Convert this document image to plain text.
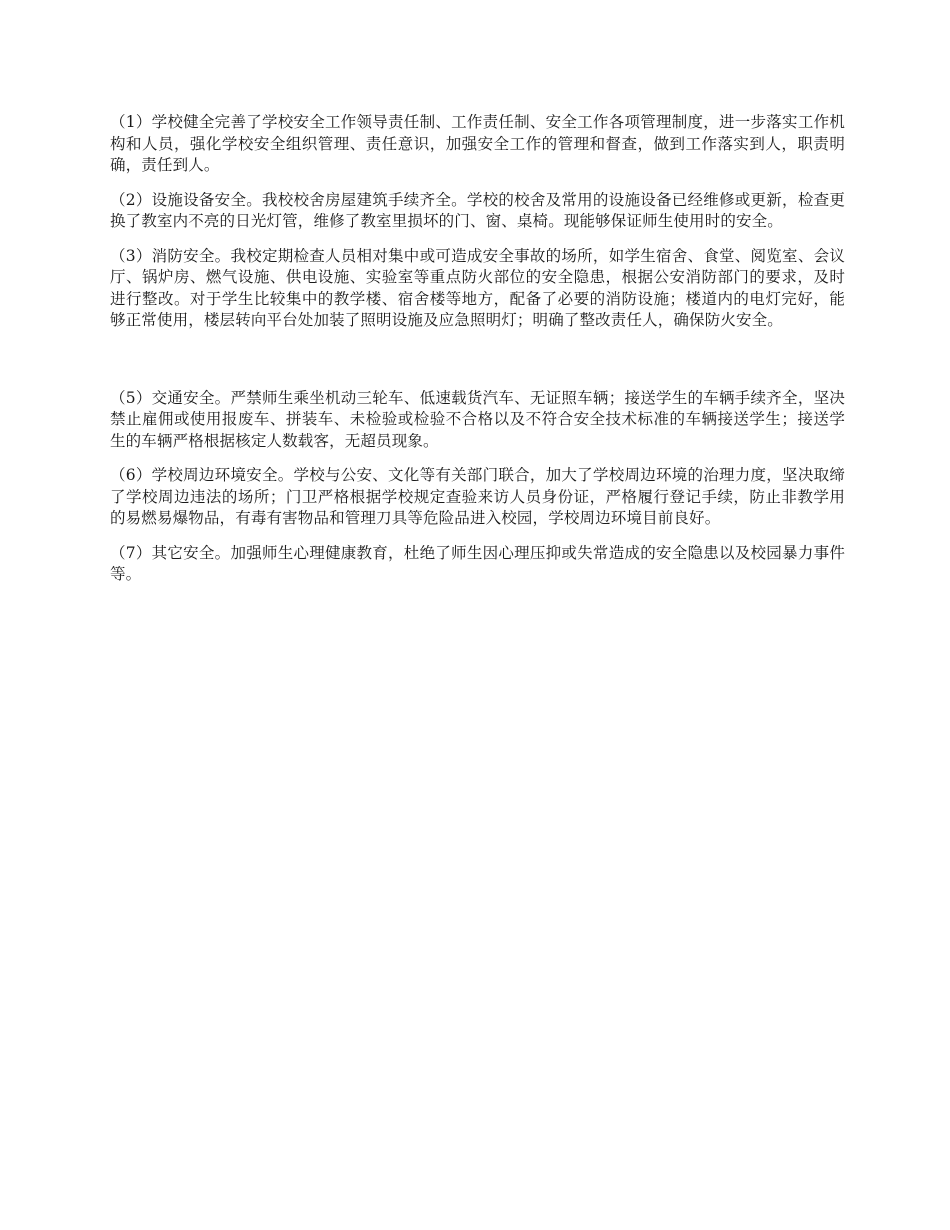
（1）学校健全完善了学校安全工作领导责任制、工作责任制、安全工作各项管理制度，进一步落实工作机构和人员，强化学校安全组织管理、责任意识，加强安全工作的管理和督查，做到工作落实到人，职责明确，责任到人。

（2）设施设备安全。我校校舍房屋建筑手续齐全。学校的校舍及常用的设施设备已经维修或更新，检查更换了教室内不亮的日光灯管，维修了教室里损坏的门、窗、桌椅。现能够保证师生使用时的安全。

（3）消防安全。我校定期检查人员相对集中或可造成安全事故的场所，如学生宿舍、食堂、阅览室、会议厅、锅炉房、燃气设施、供电设施、实验室等重点防火部位的安全隐患，根据公安消防部门的要求，及时进行整改。对于学生比较集中的教学楼、宿舍楼等地方，配备了必要的消防设施；楼道内的电灯完好，能够正常使用，楼层转向平台处加装了照明设施及应急照明灯；明确了整改责任人，确保防火安全。

（5）交通安全。严禁师生乘坐机动三轮车、低速载货汽车、无证照车辆；接送学生的车辆手续齐全，坚决禁止雇佣或使用报废车、拼装车、未检验或检验不合格以及不符合安全技术标准的车辆接送学生；接送学生的车辆严格根据核定人数载客，无超员现象。

（6）学校周边环境安全。学校与公安、文化等有关部门联合，加大了学校周边环境的治理力度，坚决取缔了学校周边违法的场所；门卫严格根据学校规定查验来访人员身份证，严格履行登记手续，防止非教学用的易燃易爆物品，有毒有害物品和管理刀具等危险品进入校园，学校周边环境目前良好。

（7）其它安全。加强师生心理健康教育，杜绝了师生因心理压抑或失常造成的安全隐患以及校园暴力事件等。
